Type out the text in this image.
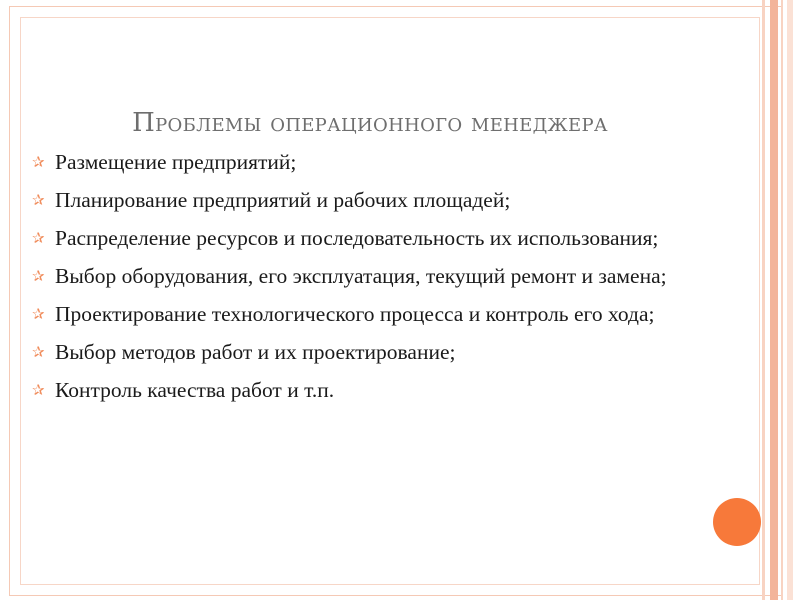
Проблемы операционного менеджера
✰ Размещение предприятий;
✰ Планирование предприятий и рабочих площадей;
✰ Распределение ресурсов и последовательность их использования;
✰ Выбор оборудования, его эксплуатация, текущий ремонт и замена;
✰ Проектирование технологического процесса и контроль его хода;
✰ Выбор методов работ и их проектирование;
✰ Контроль качества работ и т.п.
